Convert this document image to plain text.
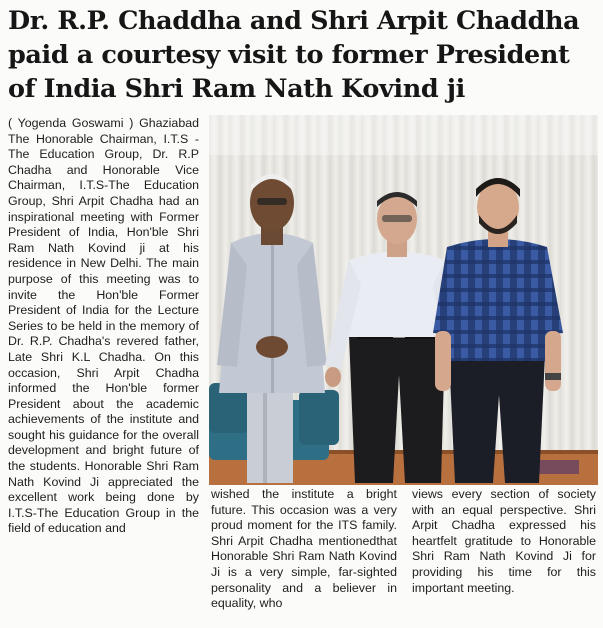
Dr. R.P. Chaddha and Shri Arpit Chaddha paid a courtesy visit to former President of India Shri Ram Nath Kovind ji

( Yogenda Goswami ) Ghaziabad The Honorable Chairman, I.T.S - The Education Group, Dr. R.P Chadha and Honorable Vice Chairman, I.T.S-The Education Group, Shri Arpit Chadha had an inspirational meeting with Former President of India, Hon'ble Shri Ram Nath Kovind ji at his residence in New Delhi. The main purpose of this meeting was to invite the Hon'ble Former President of India for the Lecture Series to be held in the memory of Dr. R.P. Chadha's revered father, Late Shri K.L Chadha. On this occasion, Shri Arpit Chadha informed the Hon'ble former President about the academic achievements of the institute and sought his guidance for the overall development and bright future of the students. Honorable Shri Ram Nath Kovind Ji appreciated the excellent work being done by I.T.S-The Education Group in the field of education and

wished the institute a bright future. This occasion was a very proud moment for the ITS family. Shri Arpit Chadha mentionedthat Honorable Shri Ram Nath Kovind Ji is a very simple, far-sighted personality and a believer in equality, who

views every section of society with an equal perspective. Shri Arpit Chadha expressed his heartfelt gratitude to Honorable Shri Ram Nath Kovind Ji for providing his time for this important meeting.
